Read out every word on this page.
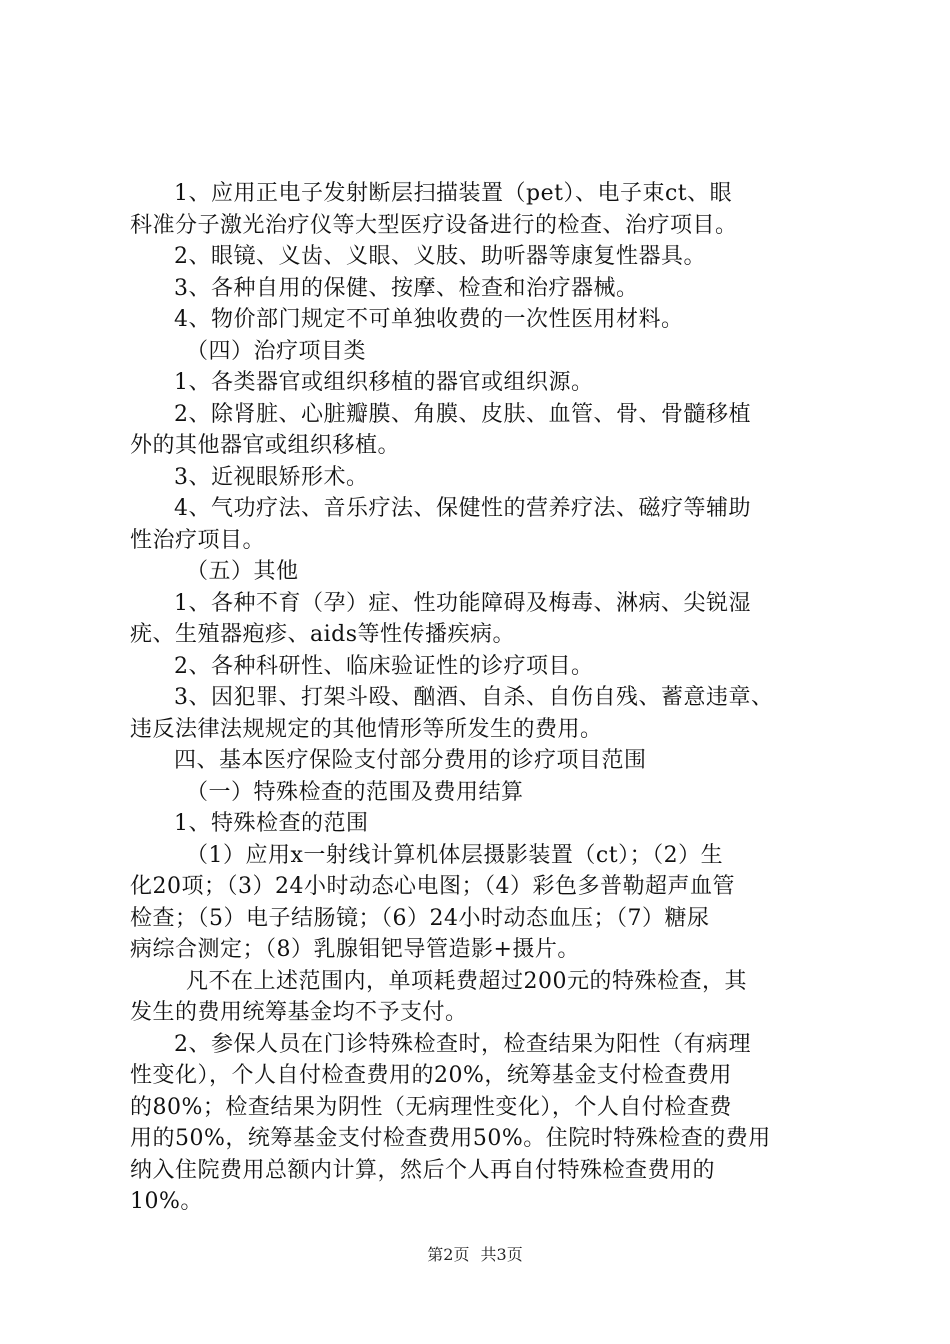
1、应用正电子发射断层扫描装置（pet）、电子束ct、眼
科准分子激光治疗仪等大型医疗设备进行的检查、治疗项目。
2、眼镜、义齿、义眼、义肢、助听器等康复性器具。
3、各种自用的保健、按摩、检查和治疗器械。
4、物价部门规定不可单独收费的一次性医用材料。
（四）治疗项目类
1、各类器官或组织移植的器官或组织源。
2、除肾脏、心脏瓣膜、角膜、皮肤、血管、骨、骨髓移植
外的其他器官或组织移植。
3、近视眼矫形术。
4、气功疗法、音乐疗法、保健性的营养疗法、磁疗等辅助
性治疗项目。
（五）其他
1、各种不育（孕）症、性功能障碍及梅毒、淋病、尖锐湿
疣、生殖器疱疹、aids等性传播疾病。
2、各种科研性、临床验证性的诊疗项目。
3、因犯罪、打架斗殴、酗酒、自杀、自伤自残、蓄意违章、
违反法律法规规定的其他情形等所发生的费用。
四、基本医疗保险支付部分费用的诊疗项目范围
（一）特殊检查的范围及费用结算
1、特殊检查的范围
（1）应用x一射线计算机体层摄影装置（ct）；（2）生
化20项；（3）24小时动态心电图；（4）彩色多普勒超声血管
检查；（5）电子结肠镜；（6）24小时动态血压；（7）糖尿
病综合测定；（8）乳腺钼钯导管造影+摄片。
凡不在上述范围内，单项耗费超过200元的特殊检查，其
发生的费用统筹基金均不予支付。
2、参保人员在门诊特殊检查时，检查结果为阳性（有病理
性变化），个人自付检查费用的20%，统筹基金支付检查费用
的80%；检查结果为阴性（无病理性变化），个人自付检查费
用的50%，统筹基金支付检查费用50%。住院时特殊检查的费用
纳入住院费用总额内计算，然后个人再自付特殊检查费用的
10%。
第2页 共3页
